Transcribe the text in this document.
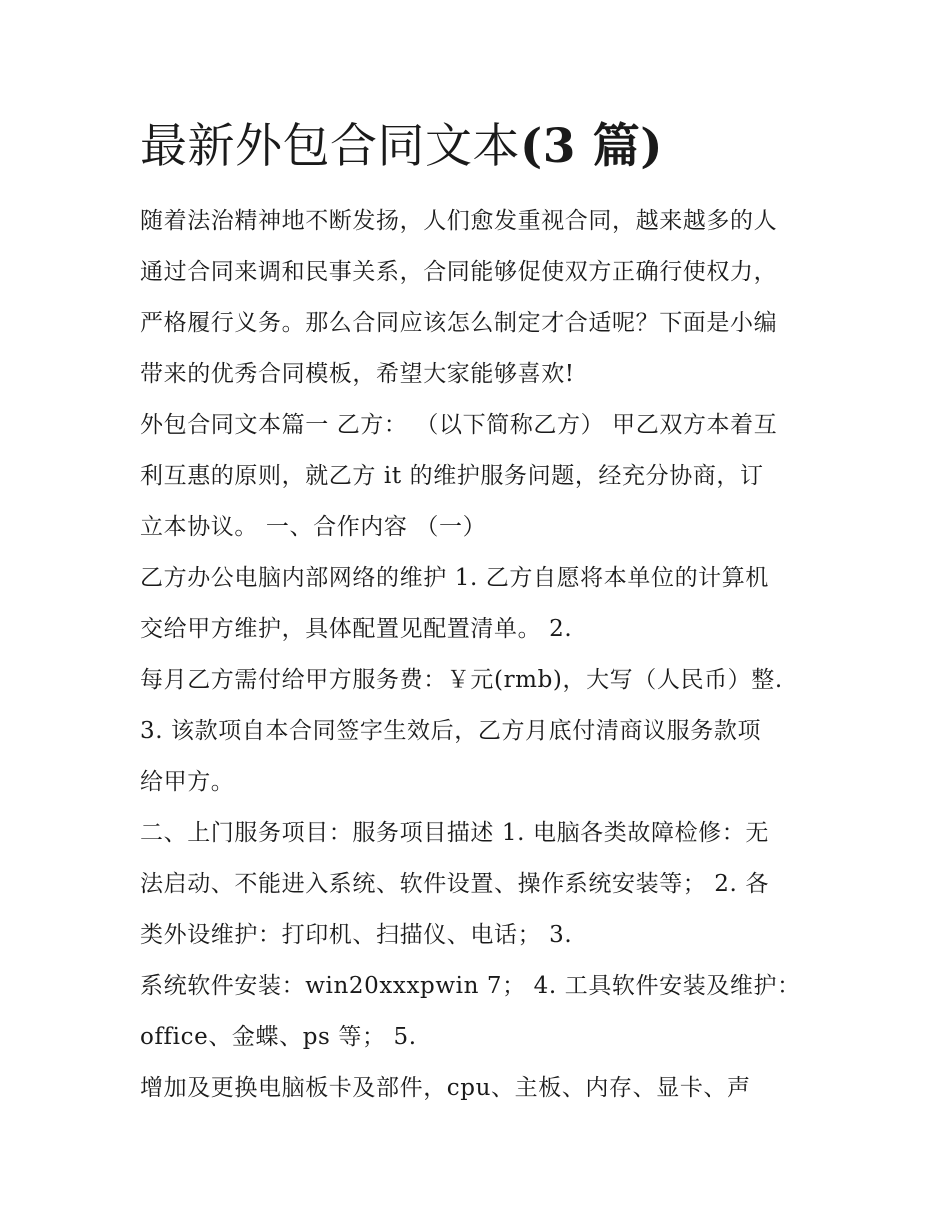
最新外包合同文本(3 篇)

随着法治精神地不断发扬，人们愈发重视合同，越来越多的人

通过合同来调和民事关系，合同能够促使双方正确行使权力，

严格履行义务。那么合同应该怎么制定才合适呢？下面是小编

带来的优秀合同模板，希望大家能够喜欢!

外包合同文本篇一 乙方： （以下简称乙方） 甲乙双方本着互

利互惠的原则，就乙方 it 的维护服务问题，经充分协商，订

立本协议。 一、合作内容 （一）

乙方办公电脑内部网络的维护 1. 乙方自愿将本单位的计算机

交给甲方维护，具体配置见配置清单。 2.

每月乙方需付给甲方服务费：￥元(rmb)，大写（人民币）整.

3. 该款项自本合同签字生效后，乙方月底付清商议服务款项

给甲方。

二、上门服务项目：服务项目描述 1. 电脑各类故障检修：无

法启动、不能进入系统、软件设置、操作系统安装等； 2. 各

类外设维护：打印机、扫描仪、电话； 3.

系统软件安装：win20xxxpwin 7； 4. 工具软件安装及维护：

office、金蝶、ps 等； 5.

增加及更换电脑板卡及部件，cpu、主板、内存、显卡、声
